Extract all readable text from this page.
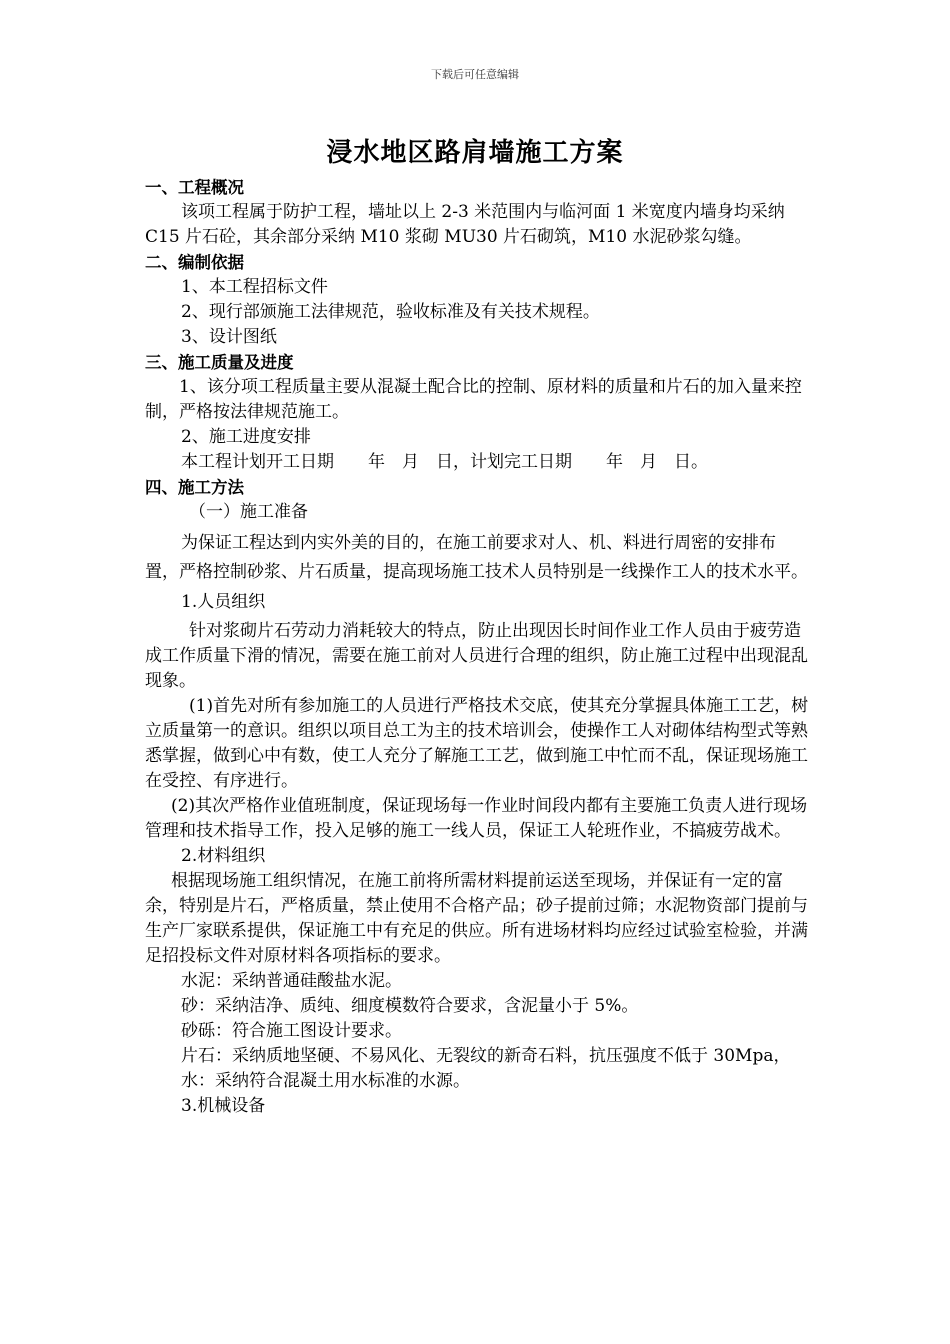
下载后可任意编辑
浸水地区路肩墙施工方案

一、工程概况

该项工程属于防护工程，墙址以上 2-3 米范围内与临河面 1 米宽度内墙身均采纳 C15 片石砼，其余部分采纳 M10 浆砌 MU30 片石砌筑，M10 水泥砂浆勾缝。

二、编制依据

1、本工程招标文件

2、现行部颁施工法律规范，验收标准及有关技术规程。

3、设计图纸

三、施工质量及进度

1、该分项工程质量主要从混凝土配合比的控制、原材料的质量和片石的加入量来控制，严格按法律规范施工。

2、施工进度安排

本工程计划开工日期　　年　月　日，计划完工日期　　年　月　日。

四、施工方法

（一）施工准备

为保证工程达到内实外美的目的，在施工前要求对人、机、料进行周密的安排布置，严格控制砂浆、片石质量，提高现场施工技术人员特别是一线操作工人的技术水平。

1.人员组织

针对浆砌片石劳动力消耗较大的特点，防止出现因长时间作业工作人员由于疲劳造成工作质量下滑的情况，需要在施工前对人员进行合理的组织，防止施工过程中出现混乱现象。

(1)首先对所有参加施工的人员进行严格技术交底，使其充分掌握具体施工工艺，树立质量第一的意识。组织以项目总工为主的技术培训会，使操作工人对砌体结构型式等熟悉掌握，做到心中有数，使工人充分了解施工工艺，做到施工中忙而不乱，保证现场施工在受控、有序进行。

(2)其次严格作业值班制度，保证现场每一作业时间段内都有主要施工负责人进行现场管理和技术指导工作，投入足够的施工一线人员，保证工人轮班作业，不搞疲劳战术。

2.材料组织

根据现场施工组织情况，在施工前将所需材料提前运送至现场，并保证有一定的富余，特别是片石，严格质量，禁止使用不合格产品；砂子提前过筛；水泥物资部门提前与生产厂家联系提供，保证施工中有充足的供应。所有进场材料均应经过试验室检验，并满足招投标文件对原材料各项指标的要求。

水泥：采纳普通硅酸盐水泥。

砂：采纳洁净、质纯、细度模数符合要求，含泥量小于 5%。

砂砾：符合施工图设计要求。

片石：采纳质地坚硬、不易风化、无裂纹的新奇石料，抗压强度不低于 30Mpa，

水：采纳符合混凝土用水标准的水源。

3.机械设备
